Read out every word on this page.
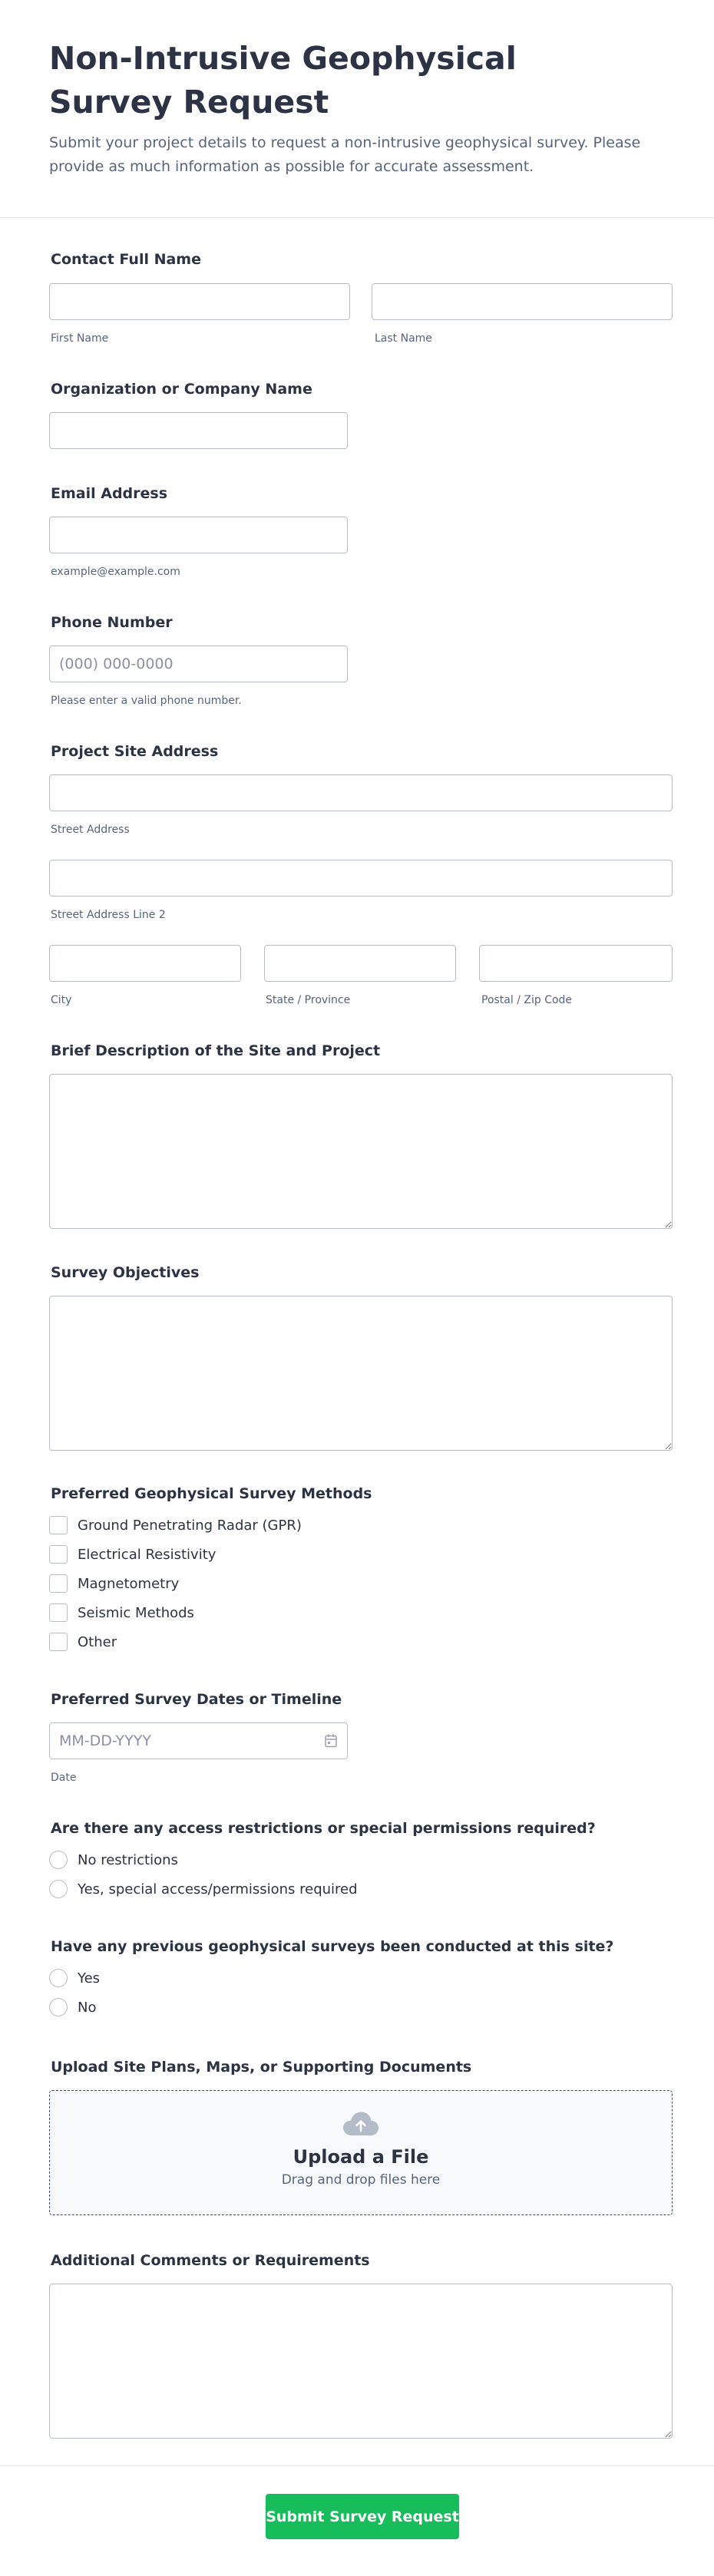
Non-Intrusive Geophysical Survey Request

Submit your project details to request a non-intrusive geophysical survey. Please provide as much information as possible for accurate assessment.

Contact Full Name
First Name	Last Name
Organization or Company Name
Email Address
example@example.com
Phone Number
(000) 000-0000
Please enter a valid phone number.
Project Site Address
Street Address
Street Address Line 2
City	State / Province	Postal / Zip Code
Brief Description of the Site and Project
Survey Objectives
Preferred Geophysical Survey Methods
Ground Penetrating Radar (GPR)
Electrical Resistivity
Magnetometry
Seismic Methods
Other
Preferred Survey Dates or Timeline
MM-DD-YYYY
Date
Are there any access restrictions or special permissions required?
No restrictions
Yes, special access/permissions required
Have any previous geophysical surveys been conducted at this site?
Yes
No
Upload Site Plans, Maps, or Supporting Documents
Upload a File
Drag and drop files here
Additional Comments or Requirements
Submit Survey Request
